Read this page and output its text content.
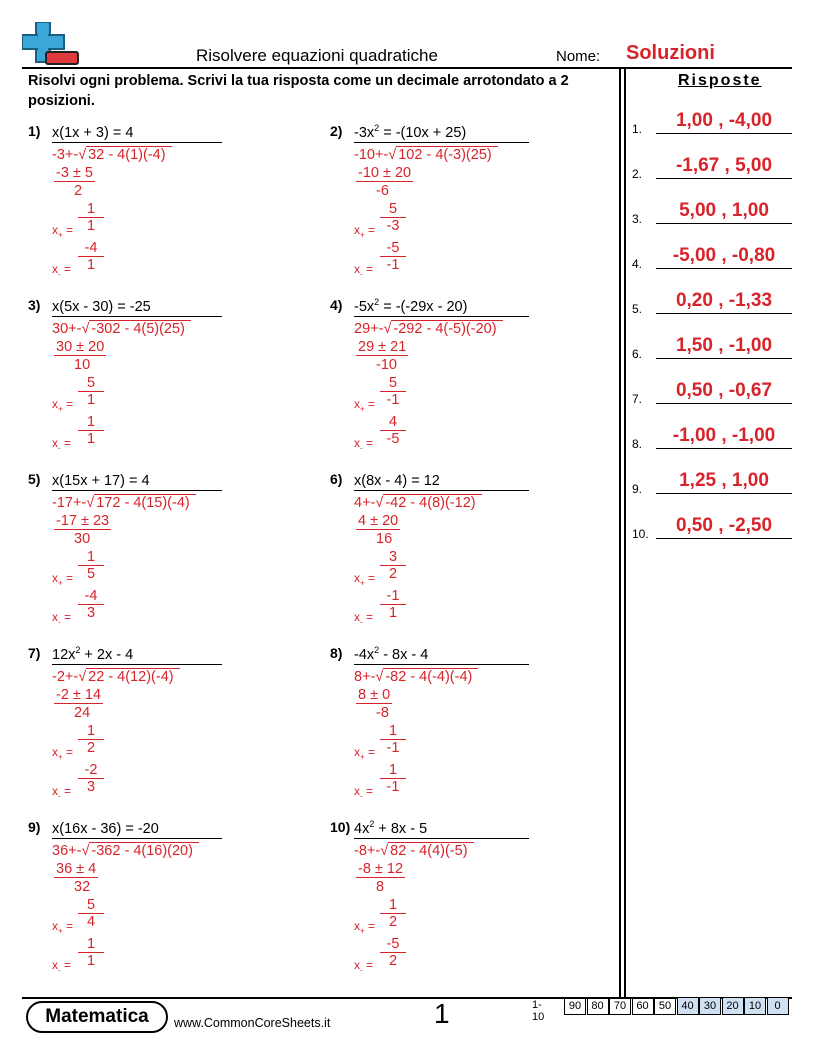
Risolvere equazioni quadratiche	Nome: Soluzioni
Risolvi ogni problema. Scrivi la tua risposta come un decimale arrotondato a 2 posizioni.
Risposte
1.	1,00 , -4,00
2.	-1,67 , 5,00
3.	5,00 , 1,00
4.	-5,00 , -0,80
5.	0,20 , -1,33
6.	1,50 , -1,00
7.	0,50 , -0,67
8.	-1,00 , -1,00
9.	1,25 , 1,00
10.	0,50 , -2,50
1) x(1x + 3) = 4
-3+-√ 32 - 4(1)(-4)
-3 ± 5
2
$x_+ = \frac{1}{1}$
$x_- = \frac{-4}{1}$
2) $-3x^2 = -(10x + 25)$
-10+-√ 102 - 4(-3)(25)
-10 ± 20
-6
$x_+ = \frac{5}{-3}$
$x_- = \frac{-5}{-1}$
3) x(5x - 30) = -25
30+-√ -302 - 4(5)(25)
30 ± 20
10
$x_+ = \frac{5}{1}$
$x_- = \frac{1}{1}$
4) $-5x^2 = -(-29x - 20)$
29+-√ -292 - 4(-5)(-20)
29 ± 21
-10
$x_+ = \frac{5}{-1}$
$x_- = \frac{4}{-5}$
5) x(15x + 17) = 4
-17+-√ 172 - 4(15)(-4)
-17 ± 23
30
$x_+ = \frac{1}{5}$
$x_- = \frac{-4}{3}$
6) x(8x - 4) = 12
4+-√ -42 - 4(8)(-12)
4 ± 20
16
$x_+ = \frac{3}{2}$
$x_- = \frac{-1}{1}$
7) $12x^2 + 2x - 4$
-2+-√ 22 - 4(12)(-4)
-2 ± 14
24
$x_+ = \frac{1}{2}$
$x_- = \frac{-2}{3}$
8) $-4x^2 - 8x - 4$
8+-√ -82 - 4(-4)(-4)
8 ± 0
-8
$x_+ = \frac{1}{-1}$
$x_- = \frac{1}{-1}$
9) x(16x - 36) = -20
36+-√ -362 - 4(16)(20)
36 ± 4
32
$x_+ = \frac{5}{4}$
$x_- = \frac{1}{1}$
10) $4x^2 + 8x - 5$
-8+-√ 82 - 4(4)(-5)
-8 ± 12
8
$x_+ = \frac{1}{2}$
$x_- = \frac{-5}{2}$
Matematica	www.CommonCoreSheets.it	1	1-10
90 80 70 60 50 40 30 20 10	0
